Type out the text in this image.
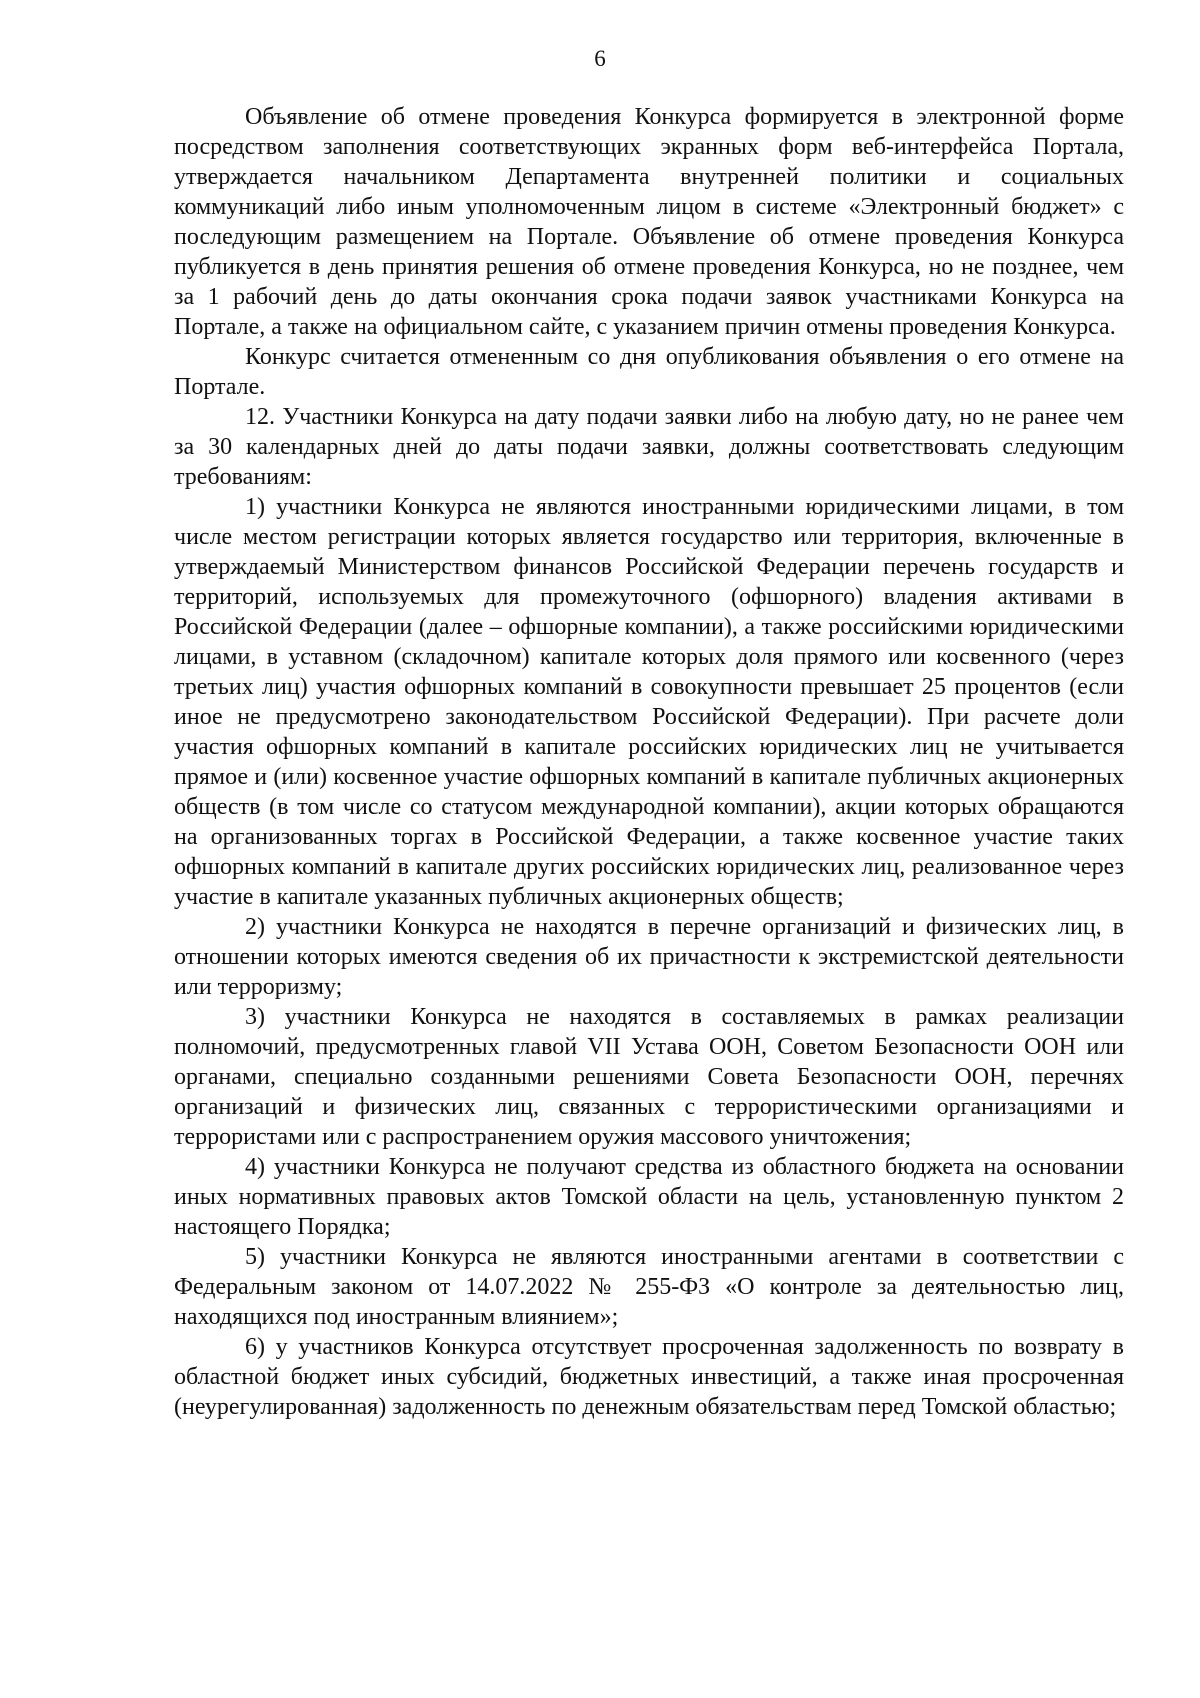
6

Объявление об отмене проведения Конкурса формируется в электронной форме посредством заполнения соответствующих экранных форм веб-интерфейса Портала, утверждается начальником Департамента внутренней политики и социальных коммуникаций либо иным уполномоченным лицом в системе «Электронный бюджет» с последующим размещением на Портале. Объявление об отмене проведения Конкурса публикуется в день принятия решения об отмене проведения Конкурса, но не позднее, чем за 1 рабочий день до даты окончания срока подачи заявок участниками Конкурса на Портале, а также на официальном сайте, с указанием причин отмены проведения Конкурса.

Конкурс считается отмененным со дня опубликования объявления о его отмене на Портале.

12. Участники Конкурса на дату подачи заявки либо на любую дату, но не ранее чем за 30 календарных дней до даты подачи заявки, должны соответствовать следующим требованиям:

1) участники Конкурса не являются иностранными юридическими лицами, в том числе местом регистрации которых является государство или территория, включенные в утверждаемый Министерством финансов Российской Федерации перечень государств и территорий, используемых для промежуточного (офшорного) владения активами в Российской Федерации (далее – офшорные компании), а также российскими юридическими лицами, в уставном (складочном) капитале которых доля прямого или косвенного (через третьих лиц) участия офшорных компаний в совокупности превышает 25 процентов (если иное не предусмотрено законодательством Российской Федерации). При расчете доли участия офшорных компаний в капитале российских юридических лиц не учитывается прямое и (или) косвенное участие офшорных компаний в капитале публичных акционерных обществ (в том числе со статусом международной компании), акции которых обращаются на организованных торгах в Российской Федерации, а также косвенное участие таких офшорных компаний в капитале других российских юридических лиц, реализованное через участие в капитале указанных публичных акционерных обществ;

2) участники Конкурса не находятся в перечне организаций и физических лиц, в отношении которых имеются сведения об их причастности к экстремистской деятельности или терроризму;

3) участники Конкурса не находятся в составляемых в рамках реализации полномочий, предусмотренных главой VII Устава ООН, Советом Безопасности ООН или органами, специально созданными решениями Совета Безопасности ООН, перечнях организаций и физических лиц, связанных с террористическими организациями и террористами или с распространением оружия массового уничтожения;

4) участники Конкурса не получают средства из областного бюджета на основании иных нормативных правовых актов Томской области на цель, установленную пунктом 2 настоящего Порядка;

5) участники Конкурса не являются иностранными агентами в соответствии с Федеральным законом от 14.07.2022 № 255-ФЗ «О контроле за деятельностью лиц, находящихся под иностранным влиянием»;

6) у участников Конкурса отсутствует просроченная задолженность по возврату в областной бюджет иных субсидий, бюджетных инвестиций, а также иная просроченная (неурегулированная) задолженность по денежным обязательствам перед Томской областью;
